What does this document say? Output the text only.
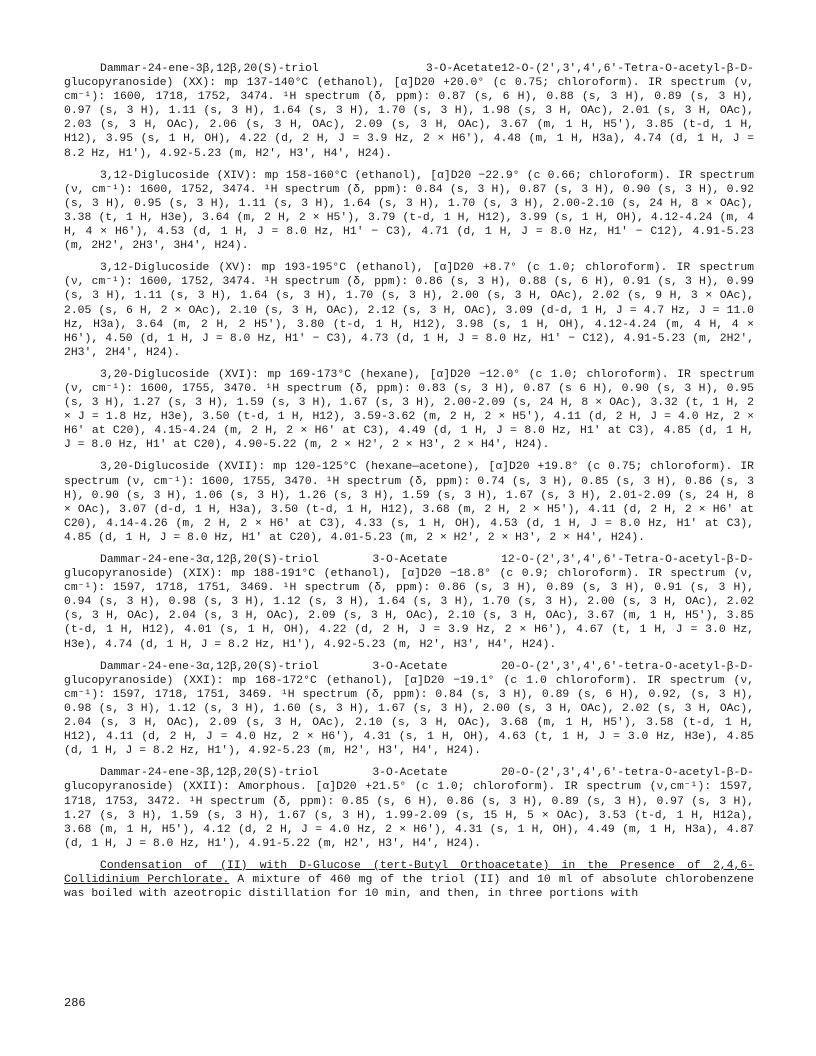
Dammar-24-ene-3β,12β,20(S)-triol 3-O-Acetate12-O-(2',3',4',6'-Tetra-O-acetyl-β-D-glucopyranoside) (XX): mp 137-140°C (ethanol), [α]D20 +20.0° (c 0.75; chloroform). IR spectrum (ν, cm⁻¹): 1600, 1718, 1752, 3474. ¹H spectrum (δ, ppm): 0.87 (s, 6 H), 0.88 (s, 3 H), 0.89 (s, 3 H), 0.97 (s, 3 H), 1.11 (s, 3 H), 1.64 (s, 3 H), 1.70 (s, 3 H), 1.98 (s, 3 H, OAc), 2.01 (s, 3 H, OAc), 2.03 (s, 3 H, OAc), 2.06 (s, 3 H, OAc), 2.09 (s, 3 H, OAc), 3.67 (m, 1 H, H5'), 3.85 (t-d, 1 H, H12), 3.95 (s, 1 H, OH), 4.22 (d, 2 H, J = 3.9 Hz, 2 × H6'), 4.48 (m, 1 H, H3a), 4.74 (d, 1 H, J = 8.2 Hz, H1'), 4.92-5.23 (m, H2', H3', H4', H24).

3,12-Diglucoside (XIV): mp 158-160°C (ethanol), [α]D20 −22.9° (c 0.66; chloroform). IR spectrum (ν, cm⁻¹): 1600, 1752, 3474. ¹H spectrum (δ, ppm): 0.84 (s, 3 H), 0.87 (s, 3 H), 0.90 (s, 3 H), 0.92 (s, 3 H), 0.95 (s, 3 H), 1.11 (s, 3 H), 1.64 (s, 3 H), 1.70 (s, 3 H), 2.00-2.10 (s, 24 H, 8 × OAc), 3.38 (t, 1 H, H3e), 3.64 (m, 2 H, 2 × H5'), 3.79 (t-d, 1 H, H12), 3.99 (s, 1 H, OH), 4.12-4.24 (m, 4 H, 4 × H6'), 4.53 (d, 1 H, J = 8.0 Hz, H1' − C3), 4.71 (d, 1 H, J = 8.0 Hz, H1' − C12), 4.91-5.23 (m, 2H2', 2H3', 3H4', H24).

3,12-Diglucoside (XV): mp 193-195°C (ethanol), [α]D20 +8.7° (c 1.0; chloroform). IR spectrum (ν, cm⁻¹): 1600, 1752, 3474. ¹H spectrum (δ, ppm): 0.86 (s, 3 H), 0.88 (s, 6 H), 0.91 (s, 3 H), 0.99 (s, 3 H), 1.11 (s, 3 H), 1.64 (s, 3 H), 1.70 (s, 3 H), 2.00 (s, 3 H, OAc), 2.02 (s, 9 H, 3 × OAc), 2.05 (s, 6 H, 2 × OAc), 2.10 (s, 3 H, OAc), 2.12 (s, 3 H, OAc), 3.09 (d-d, 1 H, J = 4.7 Hz, J = 11.0 Hz, H3a), 3.64 (m, 2 H, 2 H5'), 3.80 (t-d, 1 H, H12), 3.98 (s, 1 H, OH), 4.12-4.24 (m, 4 H, 4 × H6'), 4.50 (d, 1 H, J = 8.0 Hz, H1' − C3), 4.73 (d, 1 H, J = 8.0 Hz, H1' − C12), 4.91-5.23 (m, 2H2', 2H3', 2H4', H24).

3,20-Diglucoside (XVI): mp 169-173°C (hexane), [α]D20 −12.0° (c 1.0; chloroform). IR spectrum (ν, cm⁻¹): 1600, 1755, 3470. ¹H spectrum (δ, ppm): 0.83 (s, 3 H), 0.87 (s 6 H), 0.90 (s, 3 H), 0.95 (s, 3 H), 1.27 (s, 3 H), 1.59 (s, 3 H), 1.67 (s, 3 H), 2.00-2.09 (s, 24 H, 8 × OAc), 3.32 (t, 1 H, 2 × J = 1.8 Hz, H3e), 3.50 (t-d, 1 H, H12), 3.59-3.62 (m, 2 H, 2 × H5'), 4.11 (d, 2 H, J = 4.0 Hz, 2 × H6' at C20), 4.15-4.24 (m, 2 H, 2 × H6' at C3), 4.49 (d, 1 H, J = 8.0 Hz, H1' at C3), 4.85 (d, 1 H, J = 8.0 Hz, H1' at C20), 4.90-5.22 (m, 2 × H2', 2 × H3', 2 × H4', H24).

3,20-Diglucoside (XVII): mp 120-125°C (hexane—acetone), [α]D20 +19.8° (c 0.75; chloroform). IR spectrum (ν, cm⁻¹): 1600, 1755, 3470. ¹H spectrum (δ, ppm): 0.74 (s, 3 H), 0.85 (s, 3 H), 0.86 (s, 3 H), 0.90 (s, 3 H), 1.06 (s, 3 H), 1.26 (s, 3 H), 1.59 (s, 3 H), 1.67 (s, 3 H), 2.01-2.09 (s, 24 H, 8 × OAc), 3.07 (d-d, 1 H, H3a), 3.50 (t-d, 1 H, H12), 3.68 (m, 2 H, 2 × H5'), 4.11 (d, 2 H, 2 × H6' at C20), 4.14-4.26 (m, 2 H, 2 × H6' at C3), 4.33 (s, 1 H, OH), 4.53 (d, 1 H, J = 8.0 Hz, H1' at C3), 4.85 (d, 1 H, J = 8.0 Hz, H1' at C20), 4.01-5.23 (m, 2 × H2', 2 × H3', 2 × H4', H24).

Dammar-24-ene-3α,12β,20(S)-triol 3-O-Acetate 12-O-(2',3',4',6'-Tetra-O-acetyl-β-D-glucopyranoside) (XIX): mp 188-191°C (ethanol), [α]D20 −18.8° (c 0.9; chloroform). IR spectrum (ν, cm⁻¹): 1597, 1718, 1751, 3469. ¹H spectrum (δ, ppm): 0.86 (s, 3 H), 0.89 (s, 3 H), 0.91 (s, 3 H), 0.94 (s, 3 H), 0.98 (s, 3 H), 1.12 (s, 3 H), 1.64 (s, 3 H), 1.70 (s, 3 H), 2.00 (s, 3 H, OAc), 2.02 (s, 3 H, OAc), 2.04 (s, 3 H, OAc), 2.09 (s, 3 H, OAc), 2.10 (s, 3 H, OAc), 3.67 (m, 1 H, H5'), 3.85 (t-d, 1 H, H12), 4.01 (s, 1 H, OH), 4.22 (d, 2 H, J = 3.9 Hz, 2 × H6'), 4.67 (t, 1 H, J = 3.0 Hz, H3e), 4.74 (d, 1 H, J = 8.2 Hz, H1'), 4.92-5.23 (m, H2', H3', H4', H24).

Dammar-24-ene-3α,12β,20(S)-triol 3-O-Acetate 20-O-(2',3',4',6'-tetra-O-acetyl-β-D-glucopyranoside) (XXI): mp 168-172°C (ethanol), [α]D20 −19.1° (c 1.0 chloroform). IR spectrum (ν, cm⁻¹): 1597, 1718, 1751, 3469. ¹H spectrum (δ, ppm): 0.84 (s, 3 H), 0.89 (s, 6 H), 0.92, (s, 3 H), 0.98 (s, 3 H), 1.12 (s, 3 H), 1.60 (s, 3 H), 1.67 (s, 3 H), 2.00 (s, 3 H, OAc), 2.02 (s, 3 H, OAc), 2.04 (s, 3 H, OAc), 2.09 (s, 3 H, OAc), 2.10 (s, 3 H, OAc), 3.68 (m, 1 H, H5'), 3.58 (t-d, 1 H, H12), 4.11 (d, 2 H, J = 4.0 Hz, 2 × H6'), 4.31 (s, 1 H, OH), 4.63 (t, 1 H, J = 3.0 Hz, H3e), 4.85 (d, 1 H, J = 8.2 Hz, H1'), 4.92-5.23 (m, H2', H3', H4', H24).

Dammar-24-ene-3β,12β,20(S)-triol 3-O-Acetate 20-O-(2',3',4',6'-tetra-O-acetyl-β-D-glucopyranoside) (XXII): Amorphous. [α]D20 +21.5° (c 1.0; chloroform). IR spectrum (ν,cm⁻¹): 1597, 1718, 1753, 3472. ¹H spectrum (δ, ppm): 0.85 (s, 6 H), 0.86 (s, 3 H), 0.89 (s, 3 H), 0.97 (s, 3 H), 1.27 (s, 3 H), 1.59 (s, 3 H), 1.67 (s, 3 H), 1.99-2.09 (s, 15 H, 5 × OAc), 3.53 (t-d, 1 H, H12a), 3.68 (m, 1 H, H5'), 4.12 (d, 2 H, J = 4.0 Hz, 2 × H6'), 4.31 (s, 1 H, OH), 4.49 (m, 1 H, H3a), 4.87 (d, 1 H, J = 8.0 Hz, H1'), 4.91-5.22 (m, H2', H3', H4', H24).

Condensation of (II) with D-Glucose (tert-Butyl Orthoacetate) in the Presence of 2,4,6-Collidinium Perchlorate. A mixture of 460 mg of the triol (II) and 10 ml of absolute chlorobenzene was boiled with azeotropic distillation for 10 min, and then, in three portions with

286
